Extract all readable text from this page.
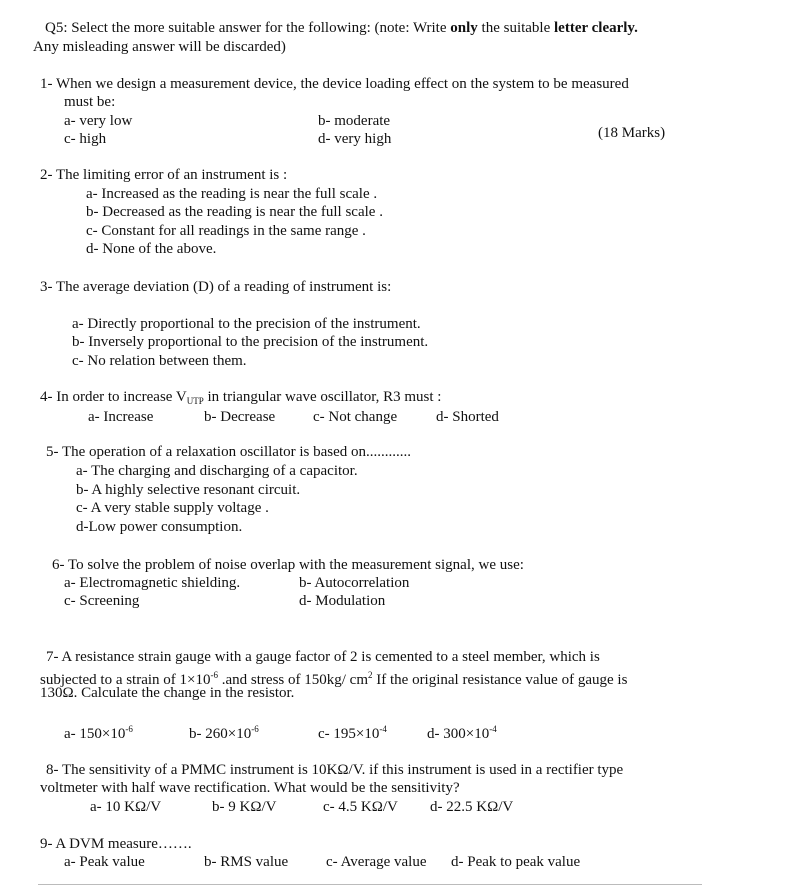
Q5: Select the more suitable answer for the following: (note: Write only the suitable letter clearly.
Any misleading answer will be discarded)
1- When we design a measurement device, the device loading effect on the system to be measured
must be:
a- very low	b- moderate
c- high	d- very high	(18 Marks)
2- The limiting error of an instrument is :
a- Increased as the reading is near the full scale .
b- Decreased as the reading is near the full scale .
c- Constant for all readings in the same range .
d- None of the above.
3- The average deviation (D) of a reading of instrument is:
a- Directly proportional to the precision of the instrument.
b- Inversely proportional to the precision of the instrument.
c- No relation between them.
4- In order to increase $V_{UTP}$ in triangular wave oscillator, R3 must :
a- Increase	b- Decrease	c- Not change	d- Shorted
5- The operation of a relaxation oscillator is based on............
a- The charging and discharging of a capacitor.
b- A highly selective resonant circuit.
c- A very stable supply voltage .
d-Low power consumption.
6- To solve the problem of noise overlap with the measurement signal, we use:
a- Electromagnetic shielding.	b- Autocorrelation
c- Screening	d- Modulation
7- A resistance strain gauge with a gauge factor of 2 is cemented to a steel member, which is
subjected to a strain of $1\times 10^{-6}$ .and stress of 150kg/ $cm^2$ If the original resistance value of gauge is
130Ω. Calculate the change in the resistor.
a- $150\times 10^{-6}$	b- $260\times 10^{-6}$	c- $195\times 10^{-4}$	d- $300\times 10^{-4}$
8- The sensitivity of a PMMC instrument is 10KΩ/V. if this instrument is used in a rectifier type
voltmeter with half wave rectification. What would be the sensitivity?
a- 10 KΩ/V	b- 9 KΩ/V	c- 4.5 KΩ/V d- 22.5 KΩ/V
9- A DVM measure…….
a- Peak value	b- RMS value	c- Average value d- Peak to peak value
